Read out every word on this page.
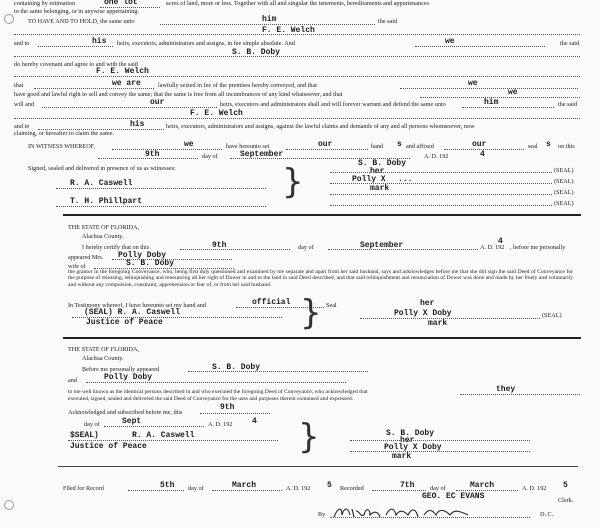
containing by estimation	one lot	acres of land, more or less. Together with all and singular the tenements, hereditaments and appurtenances
to the same belonging, or in anywise appertaining.
TO HAVE AND TO HOLD, the same unto	him	the said
F. E. Welch
and to	his heirs, executors, administrators and assigns, in fee simple absolute. And	we	the said
S. B. Doby
do hereby covenant and agree to and with the said
F. E. Welch
that	we are	lawfully seized in fee of the premises hereby conveyed, and that	we
have good and lawful right to sell and convey the same; that the same is free from all incumbrances of any kind whatsoever, and that	we
will and	our	heirs, executors and administrators shall and will forever warrant and defend the same unto	him	the said
F. E. Welch
and to	his	heirs, executors, administrators and assigns, against the lawful claims and demands of any and all persons whomsoever, now
claiming, or hereafter to claim the same.
IN WITNESS WHEREOF,	we	have hereunto set	our	hand s and affixed	our	seal s on this
9th	day of	September	A. D. 192	4
Signed, sealed and delivered in presence of us as witnesses:
S. B. Doby
her
Polly X ...
mark
(SEAL)
(SEAL)
(SEAL)
(SEAL)
}
R. A. Caswell
T. H. Phillpart
THE STATE OF FLORIDA,
Alachua County.
I hereby certify that on this	9th	day of	September	A. D. 192
4
, before me personally
appeared Mrs. Polly Doby
wife of	S. B. Doby
the grantor in the foregoing Conveyance, who, being first duly questioned and examined by me separate and apart from her said husband, says and acknowledges before me that she did sign the said Deed of Conveyance for the purpose of releasing, relinquishing and renouncing all her right of Dower in and to the land in said Deed described, and that said relinquishment and renunciation of Dower was done and made by her freely and voluntarily and without any compulsion, constraint, apprehension or fear of, or from her said husband.
In Testimony whereof, I have hereunto set my hand and	official	Seal
(SEAL) R. A. Caswell
Justice of Peace	}	her
Polly X Doby	(SEAL)
mark
THE STATE OF FLORIDA,
Alachua County.
Before me personally appeared	S. B. Doby
and	Polly Doby
to me well known as the identical persons described in and who executed the foregoing Deed of Conveyance, who acknowledged that	they
executed, signed, sealed and delivered the said Deed of Conveyance for the uses and purposes therein contained and expressed.
Acknowledged and subscribed before me, this
9th
day of	Sept	A. D. 192 4
$SEAL)	R. A. Caswell
Justice of Peace	}	S. B. Doby
her
Polly X Doby
mark
Filed for Record	5th day of	March	A. D. 192 5 Recorded	7th	day of	March	A. D. 192 5
GEO. EC EVANS	Clerk.
By	D. C.
